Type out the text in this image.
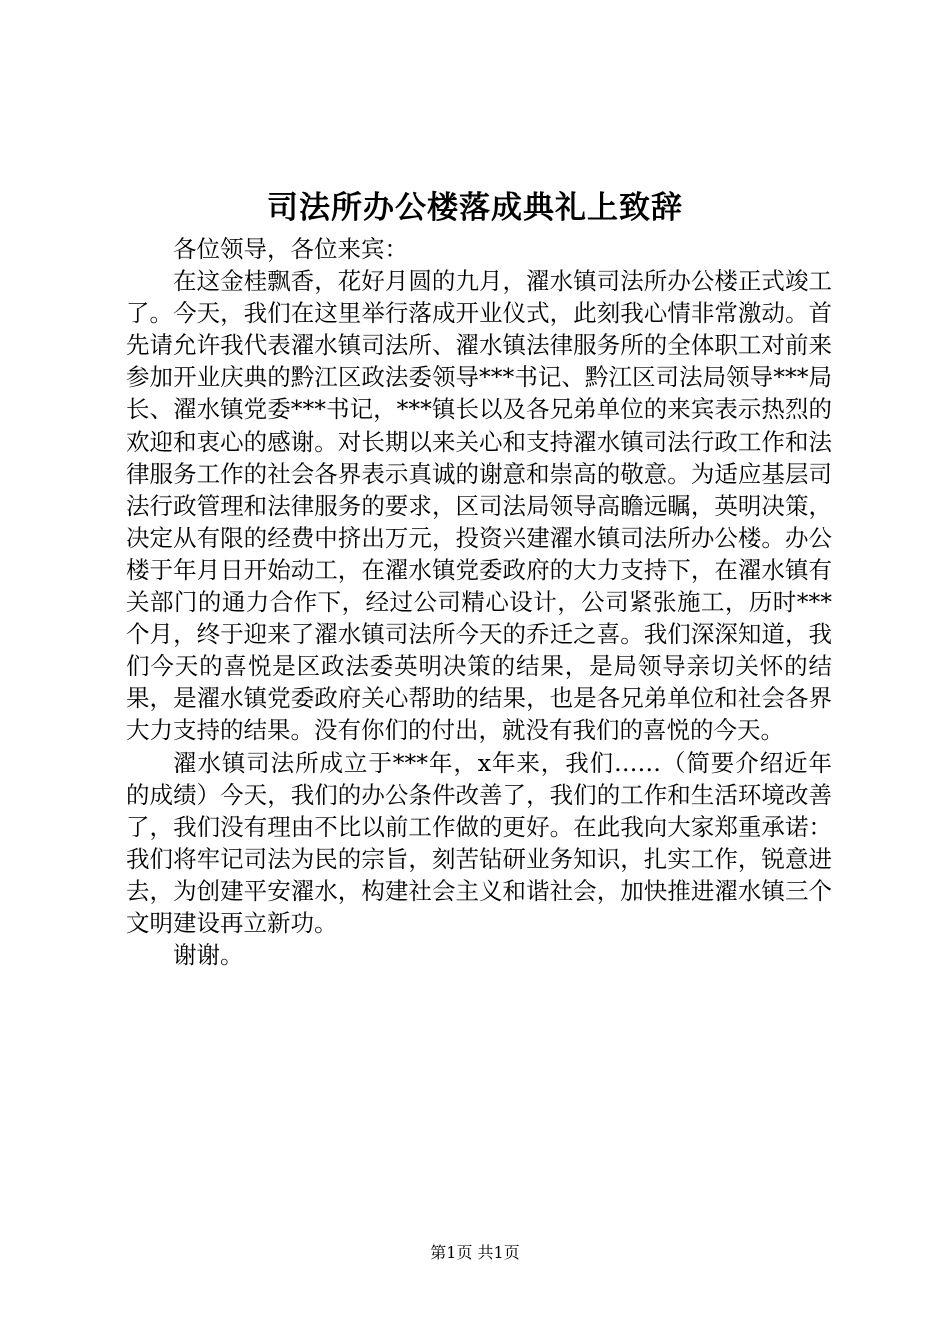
司法所办公楼落成典礼上致辞

各位领导，各位来宾：

在这金桂飘香，花好月圆的九月，濯水镇司法所办公楼正式竣工了。今天，我们在这里举行落成开业仪式，此刻我心情非常激动。首先请允许我代表濯水镇司法所、濯水镇法律服务所的全体职工对前来参加开业庆典的黔江区政法委领导***书记、黔江区司法局领导***局长、濯水镇党委***书记，***镇长以及各兄弟单位的来宾表示热烈的欢迎和衷心的感谢。对长期以来关心和支持濯水镇司法行政工作和法律服务工作的社会各界表示真诚的谢意和崇高的敬意。为适应基层司法行政管理和法律服务的要求，区司法局领导高瞻远瞩，英明决策，决定从有限的经费中挤出万元，投资兴建濯水镇司法所办公楼。办公楼于年月日开始动工，在濯水镇党委政府的大力支持下，在濯水镇有关部门的通力合作下，经过公司精心设计，公司紧张施工，历时***个月，终于迎来了濯水镇司法所今天的乔迁之喜。我们深深知道，我们今天的喜悦是区政法委英明决策的结果，是局领导亲切关怀的结果，是濯水镇党委政府关心帮助的结果，也是各兄弟单位和社会各界大力支持的结果。没有你们的付出，就没有我们的喜悦的今天。

濯水镇司法所成立于***年，x年来，我们……（简要介绍近年的成绩）今天，我们的办公条件改善了，我们的工作和生活环境改善了，我们没有理由不比以前工作做的更好。在此我向大家郑重承诺：我们将牢记司法为民的宗旨，刻苦钻研业务知识，扎实工作，锐意进去，为创建平安濯水，构建社会主义和谐社会，加快推进濯水镇三个文明建设再立新功。

谢谢。

第1页 共1页
